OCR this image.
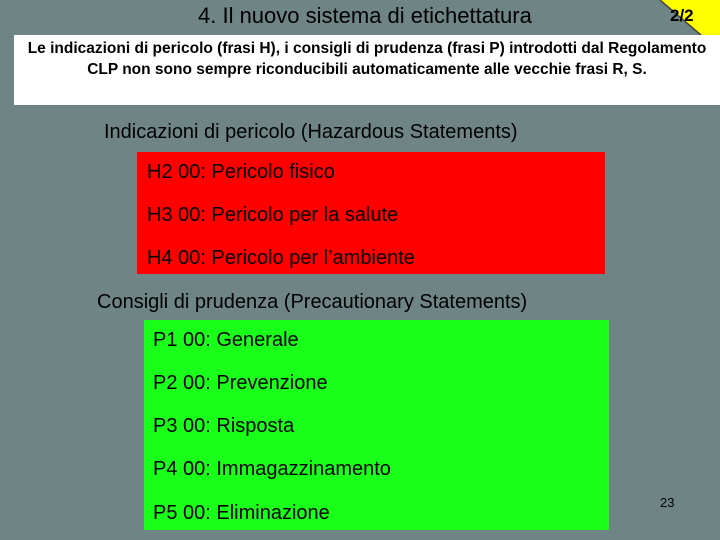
4. Il nuovo sistema di etichettatura	2/2
Le indicazioni di pericolo (frasi H), i consigli di prudenza (frasi P) introdotti dal Regolamento CLP non sono sempre riconducibili automaticamente alle vecchie frasi R, S.
Indicazioni di pericolo (Hazardous Statements)
H2 00: Pericolo fisico
H3 00: Pericolo per la salute
H4 00: Pericolo per l’ambiente
Consigli di prudenza (Precautionary Statements)
P1 00: Generale
P2 00: Prevenzione
P3 00: Risposta
P4 00: Immagazzinamento
P5 00: Eliminazione	23
